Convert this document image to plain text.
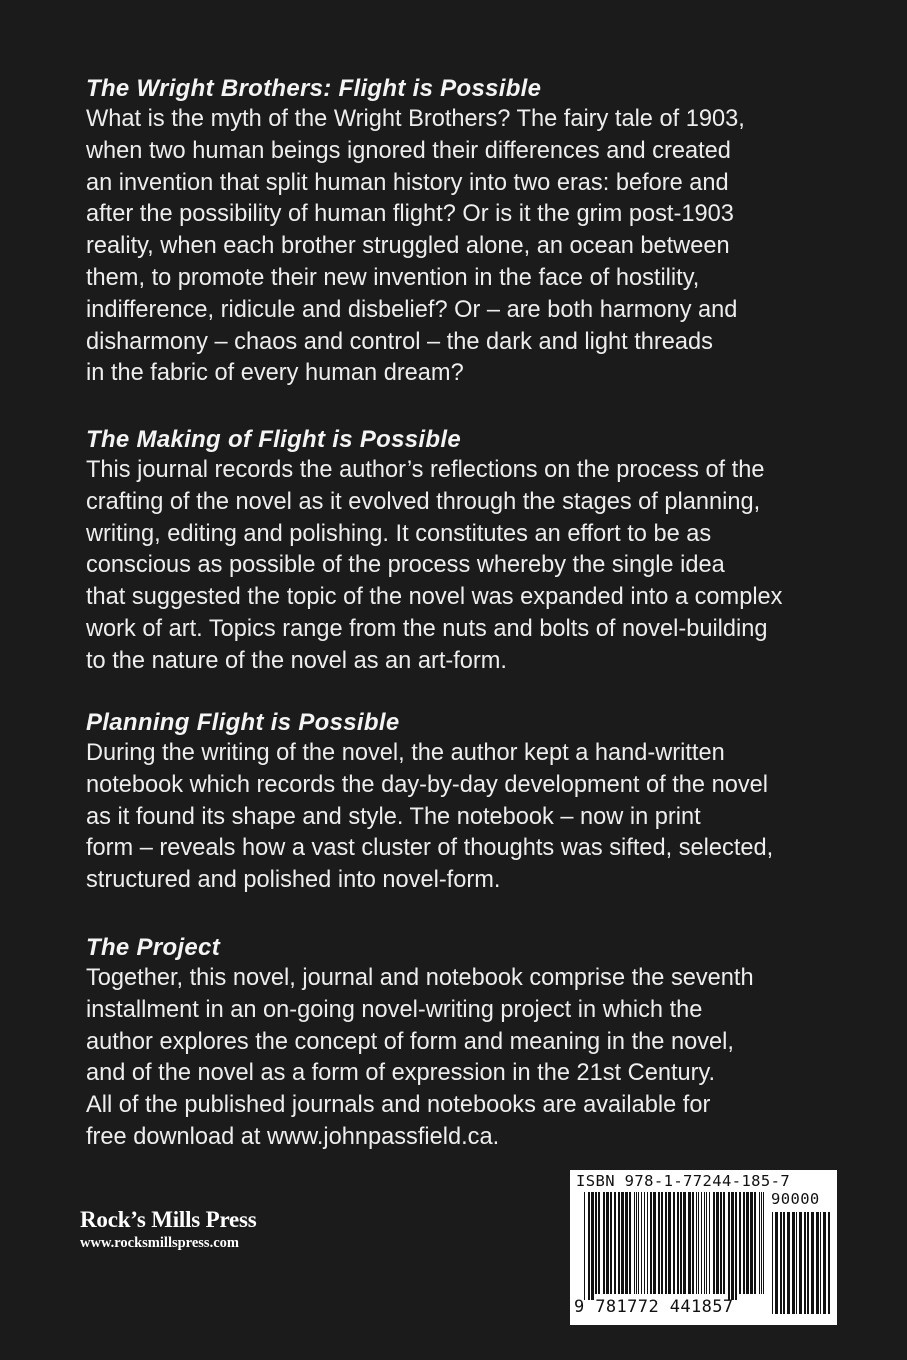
The Wright Brothers: Flight is Possible

What is the myth of the Wright Brothers? The fairy tale of 1903,
when two human beings ignored their differences and created
an invention that split human history into two eras: before and
after the possibility of human flight? Or is it the grim post-1903
reality, when each brother struggled alone, an ocean between
them, to promote their new invention in the face of hostility,
indifference, ridicule and disbelief? Or – are both harmony and
disharmony – chaos and control – the dark and light threads
in the fabric of every human dream?

The Making of Flight is Possible

This journal records the author’s reflections on the process of the
crafting of the novel as it evolved through the stages of planning,
writing, editing and polishing. It constitutes an effort to be as
conscious as possible of the process whereby the single idea
that suggested the topic of the novel was expanded into a complex
work of art. Topics range from the nuts and bolts of novel-building
to the nature of the novel as an art-form.

Planning Flight is Possible

During the writing of the novel, the author kept a hand-written
notebook which records the day-by-day development of the novel
as it found its shape and style. The notebook – now in print
form – reveals how a vast cluster of thoughts was sifted, selected,
structured and polished into novel-form.

The Project

Together, this novel, journal and notebook comprise the seventh
installment in an on-going novel-writing project in which the
author explores the concept of form and meaning in the novel,
and of the novel as a form of expression in the 21st Century.
All of the published journals and notebooks are available for
free download at www.johnpassfield.ca.

Rock’s Mills Press
www.rocksmillspress.com
ISBN 978-1-77244-185-7
90000
9 781772 441857
